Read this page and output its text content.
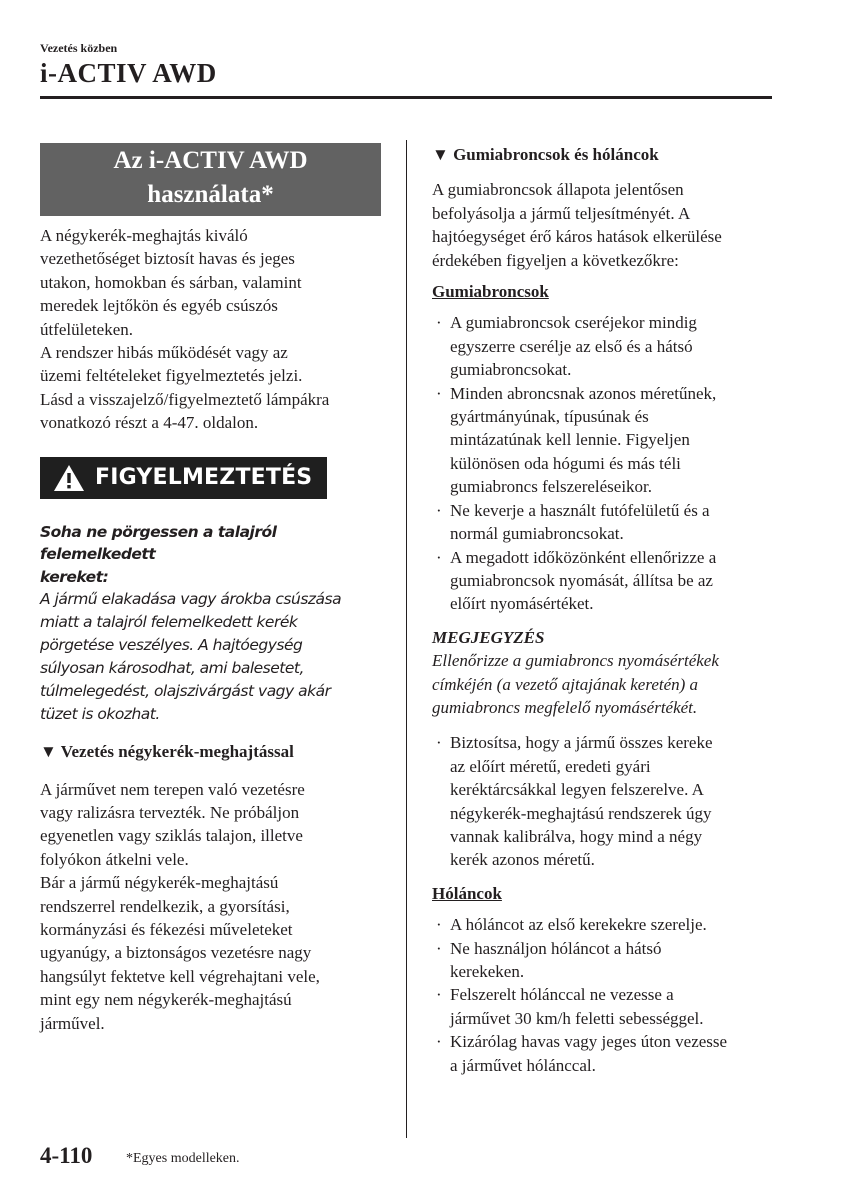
Vezetés közben
i-ACTIV AWD
Az i-ACTIV AWD
használata*
A négykerék-meghajtás kiváló
vezethetőséget biztosít havas és jeges
utakon, homokban és sárban, valamint
meredek lejtőkön és egyéb csúszós
útfelületeken.
A rendszer hibás működését vagy az
üzemi feltételeket figyelmeztetés jelzi.
Lásd a visszajelző/figyelmeztető lámpákra
vonatkozó részt a 4-47. oldalon.
FIGYELMEZTETÉS
Soha ne pörgessen a talajról felemelkedett
kereket:
A jármű elakadása vagy árokba csúszása
miatt a talajról felemelkedett kerék
pörgetése veszélyes. A hajtóegység
súlyosan károsodhat, ami balesetet,
túlmelegedést, olajszivárgást vagy akár
tüzet is okozhat.
▼ Vezetés négykerék-meghajtással
A járművet nem terepen való vezetésre
vagy ralizásra tervezték. Ne próbáljon
egyenetlen vagy sziklás talajon, illetve
folyókon átkelni vele.
Bár a jármű négykerék-meghajtású
rendszerrel rendelkezik, a gyorsítási,
kormányzási és fékezési műveleteket
ugyanúgy, a biztonságos vezetésre nagy
hangsúlyt fektetve kell végrehajtani vele,
mint egy nem négykerék-meghajtású
járművel.
▼ Gumiabroncsok és hóláncok
A gumiabroncsok állapota jelentősen
befolyásolja a jármű teljesítményét. A
hajtóegységet érő káros hatások elkerülése
érdekében figyeljen a következőkre:
Gumiabroncsok
· A gumiabroncsok cseréjekor mindig
egyszerre cserélje az első és a hátsó
gumiabroncsokat.
· Minden abroncsnak azonos méretűnek,
gyártmányúnak, típusúnak és
mintázatúnak kell lennie. Figyeljen
különösen oda hógumi és más téli
gumiabroncs felszereléseikor.
· Ne keverje a használt futófelületű és a
normál gumiabroncsokat.
· A megadott időközönként ellenőrizze a
gumiabroncsok nyomását, állítsa be az
előírt nyomásértéket.
MEGJEGYZÉS
Ellenőrizze a gumiabroncs nyomásértékek
címkéjén (a vezető ajtajának keretén) a
gumiabroncs megfelelő nyomásértékét.
· Biztosítsa, hogy a jármű összes kereke
az előírt méretű, eredeti gyári
keréktárcsákkal legyen felszerelve. A
négykerék-meghajtású rendszerek úgy
vannak kalibrálva, hogy mind a négy
kerék azonos méretű.
Hóláncok
· A hóláncot az első kerekekre szerelje.
· Ne használjon hóláncot a hátsó
kerekeken.
· Felszerelt hólánccal ne vezesse a
járművet 30 km/h feletti sebességgel.
· Kizárólag havas vagy jeges úton vezesse
a járművet hólánccal.
4-110 *Egyes modelleken.
